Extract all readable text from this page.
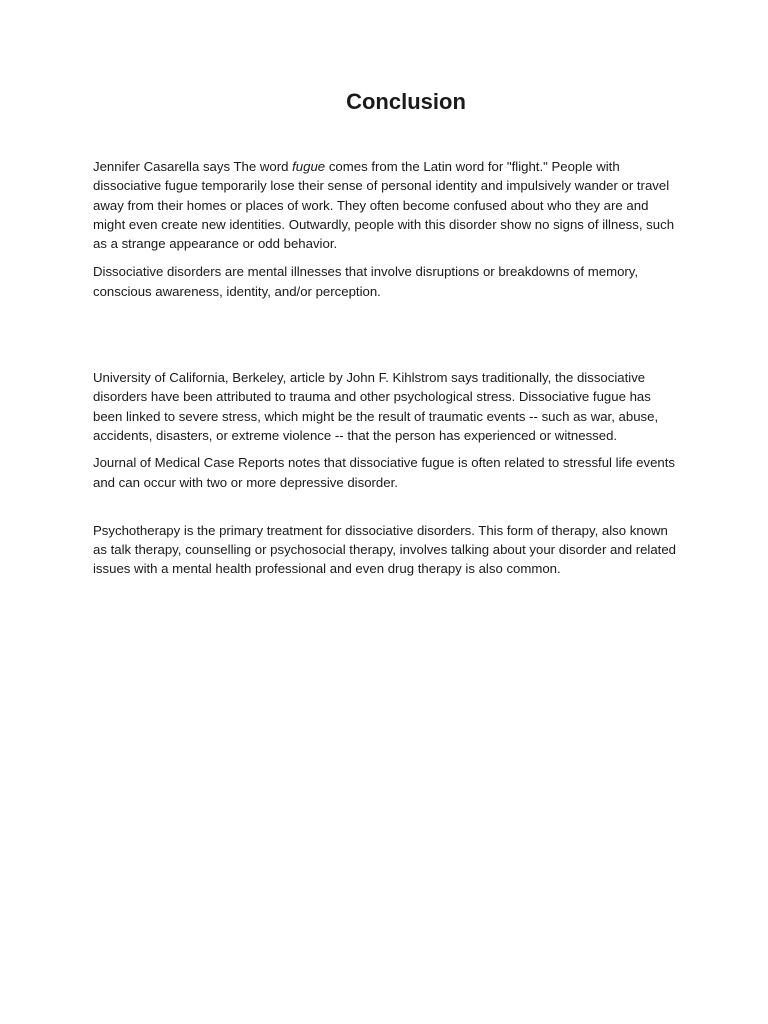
Conclusion

Jennifer Casarella says The word fugue comes from the Latin word for "flight." People with dissociative fugue temporarily lose their sense of personal identity and impulsively wander or travel away from their homes or places of work. They often become confused about who they are and might even create new identities. Outwardly, people with this disorder show no signs of illness, such as a strange appearance or odd behavior.

Dissociative disorders are mental illnesses that involve disruptions or breakdowns of memory, conscious awareness, identity, and/or perception.

University of California, Berkeley, article by John F. Kihlstrom says traditionally, the dissociative disorders have been attributed to trauma and other psychological stress. Dissociative fugue has been linked to severe stress, which might be the result of traumatic events -- such as war, abuse, accidents, disasters, or extreme violence -- that the person has experienced or witnessed.

Journal of Medical Case Reports notes that dissociative fugue is often related to stressful life events and can occur with two or more depressive disorder.

Psychotherapy is the primary treatment for dissociative disorders. This form of therapy, also known as talk therapy, counselling or psychosocial therapy, involves talking about your disorder and related issues with a mental health professional and even drug therapy is also common.
